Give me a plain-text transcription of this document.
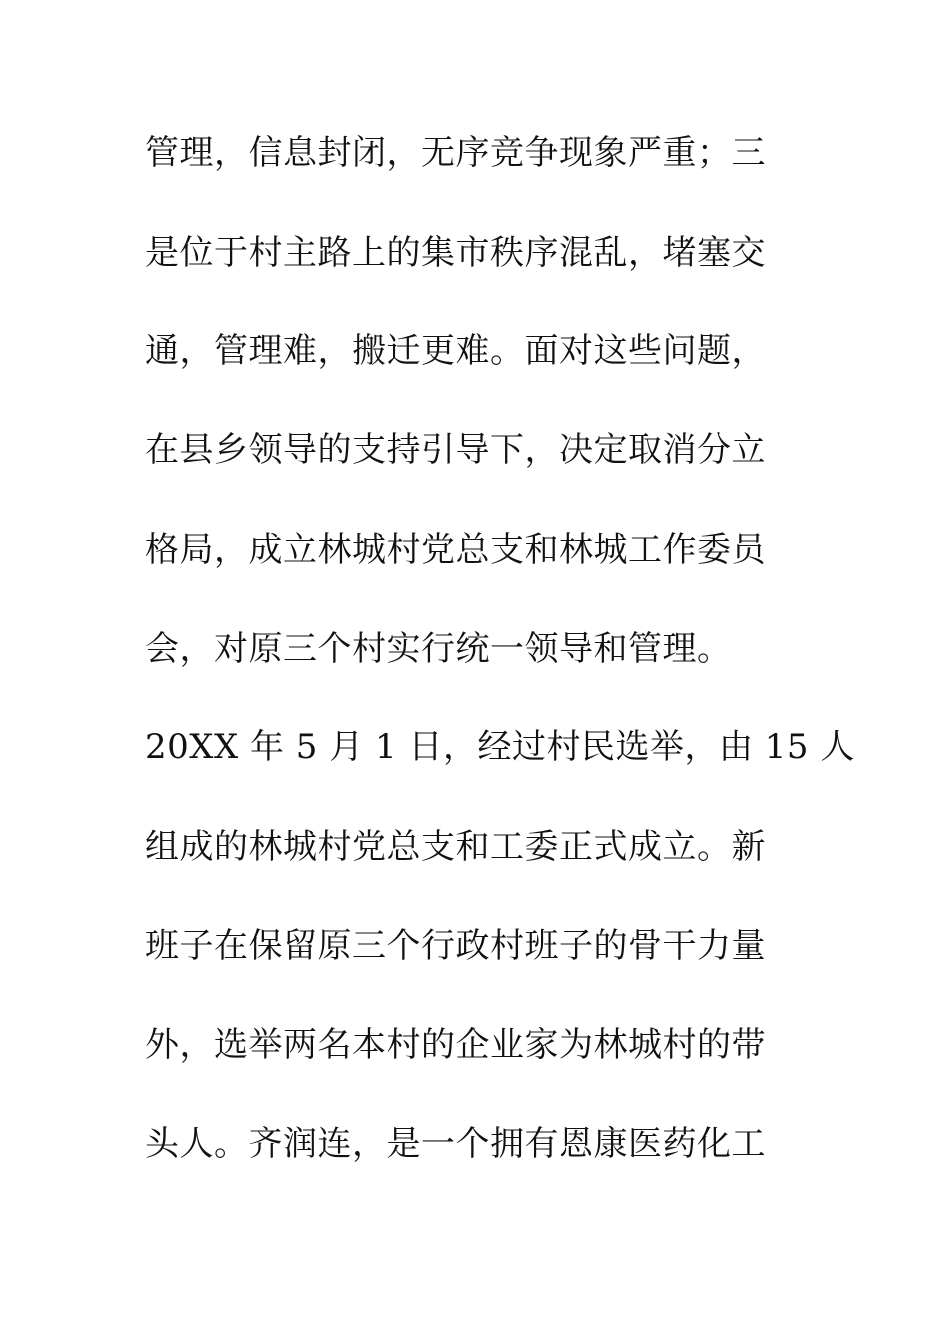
管理，信息封闭，无序竞争现象严重；三
是位于村主路上的集市秩序混乱，堵塞交
通，管理难，搬迁更难。面对这些问题，
在县乡领导的支持引导下，决定取消分立
格局，成立林城村党总支和林城工作委员
会，对原三个村实行统一领导和管理。
20XX 年 5 月 1 日，经过村民选举，由 15 人
组成的林城村党总支和工委正式成立。新
班子在保留原三个行政村班子的骨干力量
外，选举两名本村的企业家为林城村的带
头人。齐润连，是一个拥有恩康医药化工
